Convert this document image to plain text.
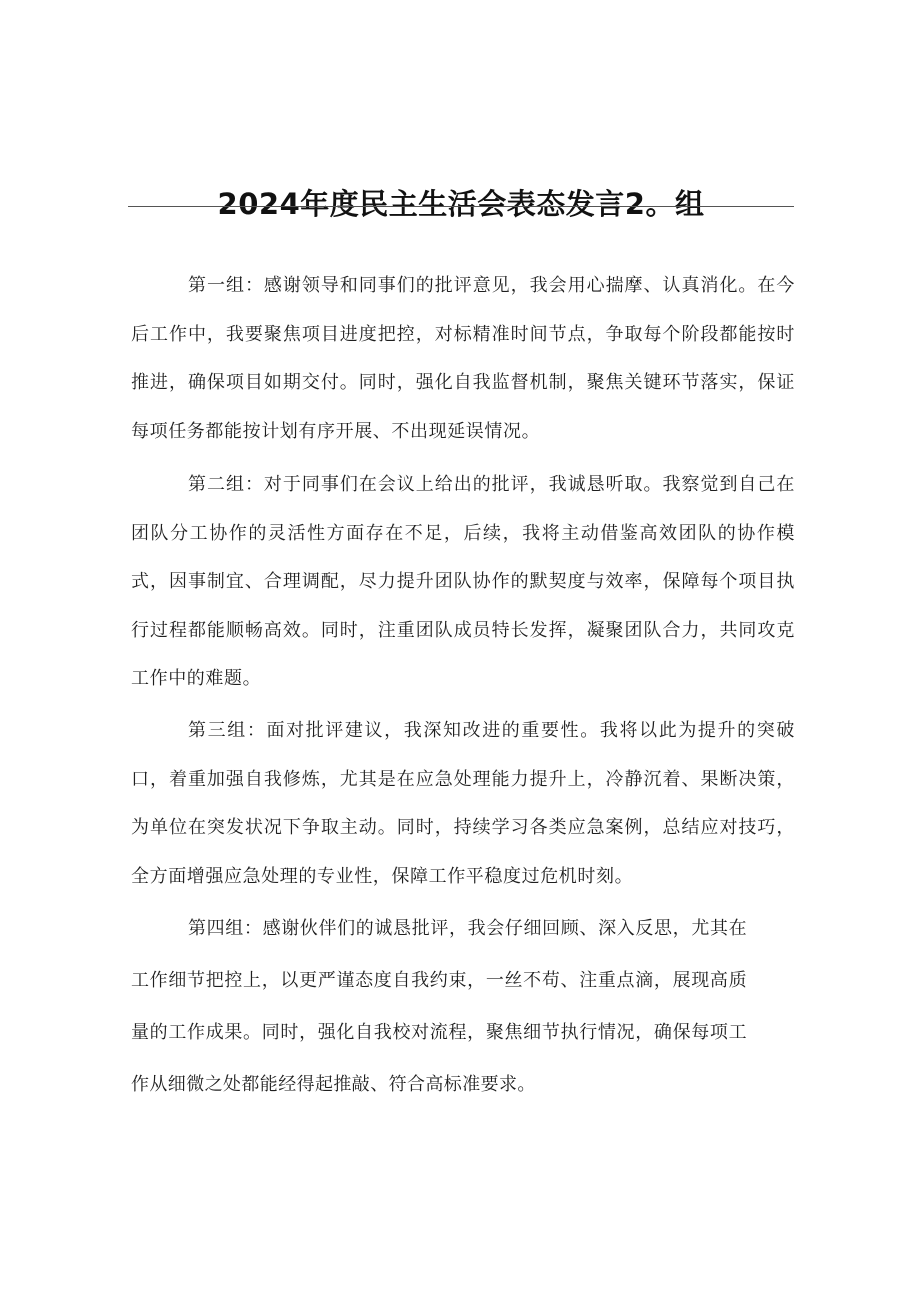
2024年度民主生活会表态发言2。组

第一组：感谢领导和同事们的批评意见，我会用心揣摩、认真消化。在今后工作中，我要聚焦项目进度把控，对标精准时间节点，争取每个阶段都能按时推进，确保项目如期交付。同时，强化自我监督机制，聚焦关键环节落实，保证每项任务都能按计划有序开展、不出现延误情况。

第二组：对于同事们在会议上给出的批评，我诚恳听取。我察觉到自己在团队分工协作的灵活性方面存在不足，后续，我将主动借鉴高效团队的协作模式，因事制宜、合理调配，尽力提升团队协作的默契度与效率，保障每个项目执行过程都能顺畅高效。同时，注重团队成员特长发挥，凝聚团队合力，共同攻克工作中的难题。

第三组：面对批评建议，我深知改进的重要性。我将以此为提升的突破口，着重加强自我修炼，尤其是在应急处理能力提升上，冷静沉着、果断决策，为单位在突发状况下争取主动。同时，持续学习各类应急案例，总结应对技巧，全方面增强应急处理的专业性，保障工作平稳度过危机时刻。

第四组：感谢伙伴们的诚恳批评，我会仔细回顾、深入反思，尤其在工作细节把控上，以更严谨态度自我约束，一丝不苟、注重点滴，展现高质量的工作成果。同时，强化自我校对流程，聚焦细节执行情况，确保每项工作从细微之处都能经得起推敲、符合高标准要求。
